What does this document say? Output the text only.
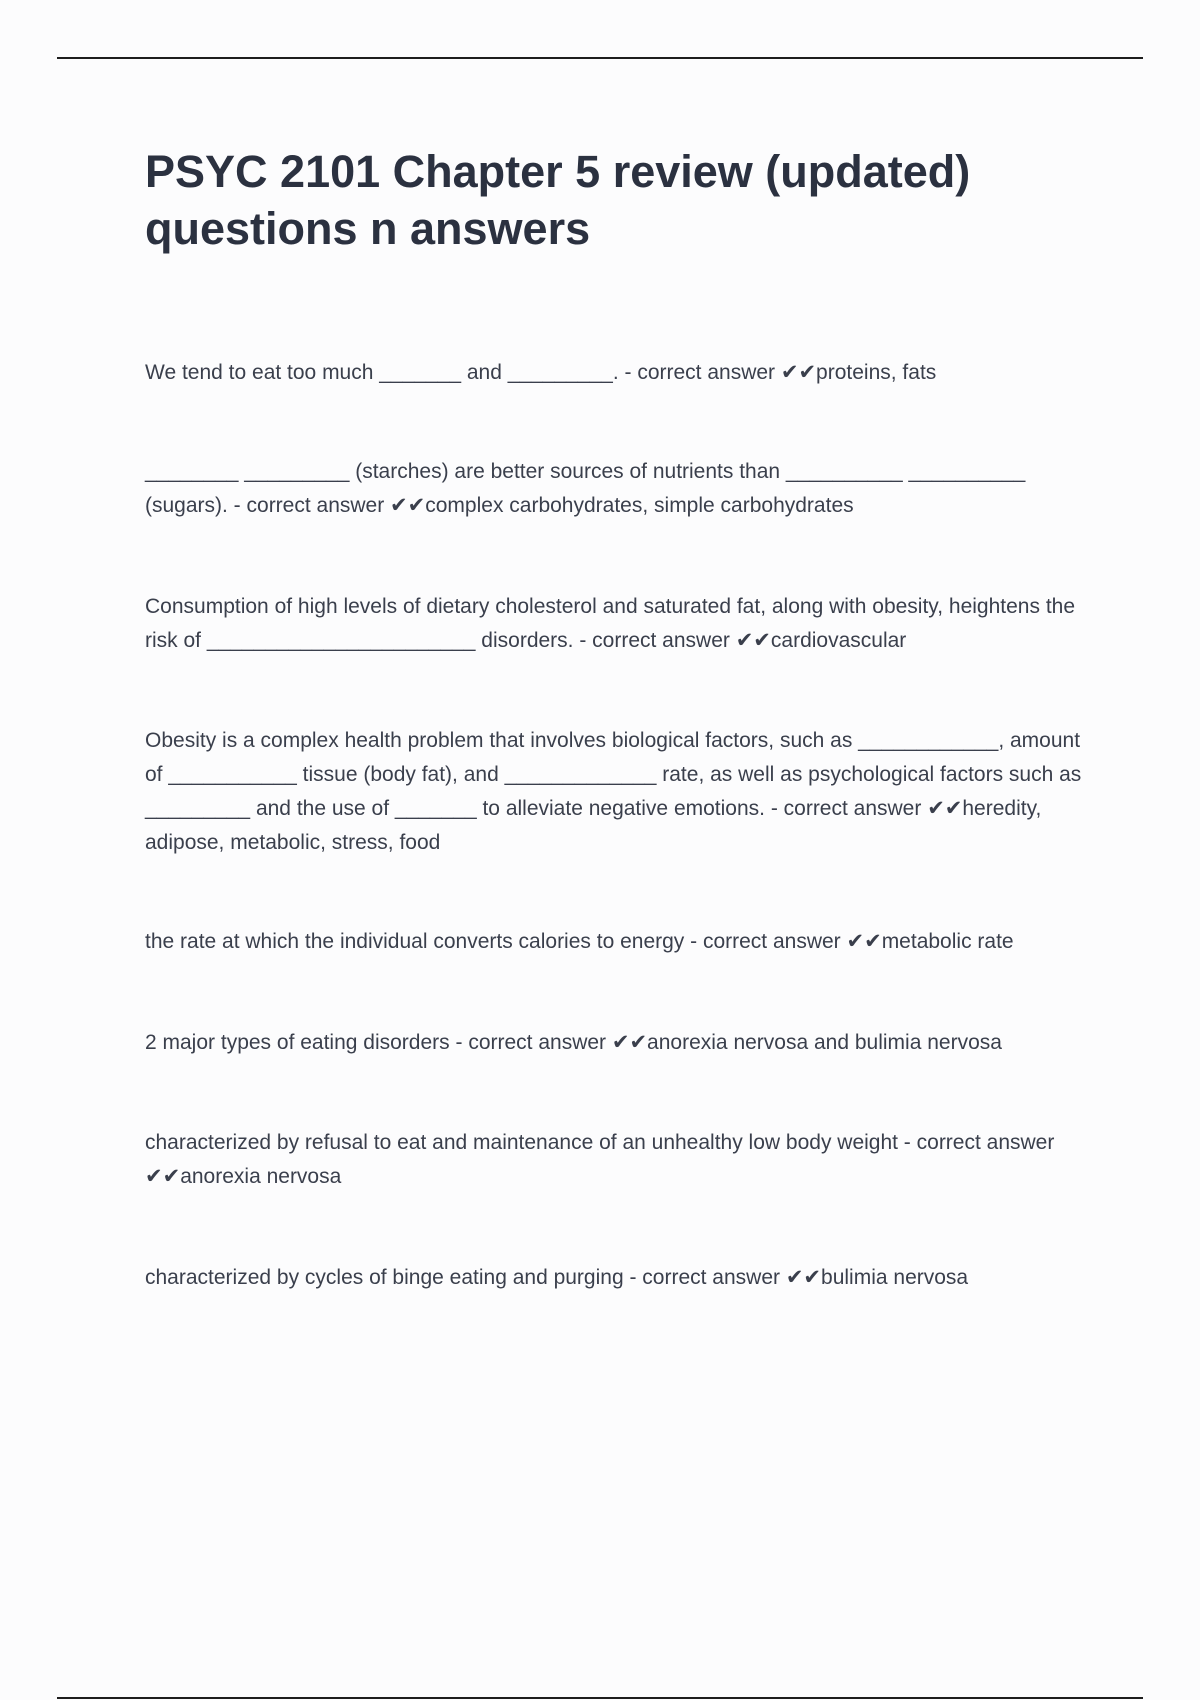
PSYC 2101 Chapter 5 review (updated) questions n answers

We tend to eat too much _______ and _________. - correct answer ✔✔proteins, fats

________ _________ (starches) are better sources of nutrients than __________ __________ (sugars). - correct answer ✔✔complex carbohydrates, simple carbohydrates

Consumption of high levels of dietary cholesterol and saturated fat, along with obesity, heightens the risk of _______________________ disorders. - correct answer ✔✔cardiovascular

Obesity is a complex health problem that involves biological factors, such as ____________, amount of ___________ tissue (body fat), and _____________ rate, as well as psychological factors such as _________ and the use of _______ to alleviate negative emotions. - correct answer ✔✔heredity, adipose, metabolic, stress, food

the rate at which the individual converts calories to energy - correct answer ✔✔metabolic rate

2 major types of eating disorders - correct answer ✔✔anorexia nervosa and bulimia nervosa

characterized by refusal to eat and maintenance of an unhealthy low body weight - correct answer ✔✔anorexia nervosa

characterized by cycles of binge eating and purging - correct answer ✔✔bulimia nervosa
